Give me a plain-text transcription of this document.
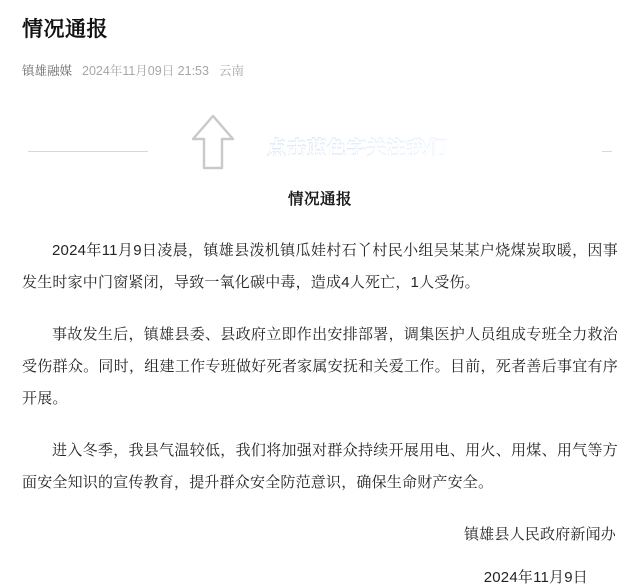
情况通报
镇雄融媒 2024年11月09日 21:53 云南
点击蓝色字关注我们
情况通报

2024年11月9日凌晨，镇雄县泼机镇瓜娃村石丫村民小组吴某某户烧煤炭取暖，因事发生时家中门窗紧闭，导致一氧化碳中毒，造成4人死亡，1人受伤。

事故发生后，镇雄县委、县政府立即作出安排部署，调集医护人员组成专班全力救治受伤群众。同时，组建工作专班做好死者家属安抚和关爱工作。目前，死者善后事宜有序开展。

进入冬季，我县气温较低，我们将加强对群众持续开展用电、用火、用煤、用气等方面安全知识的宣传教育，提升群众安全防范意识，确保生命财产安全。

镇雄县人民政府新闻办
2024年11月9日
